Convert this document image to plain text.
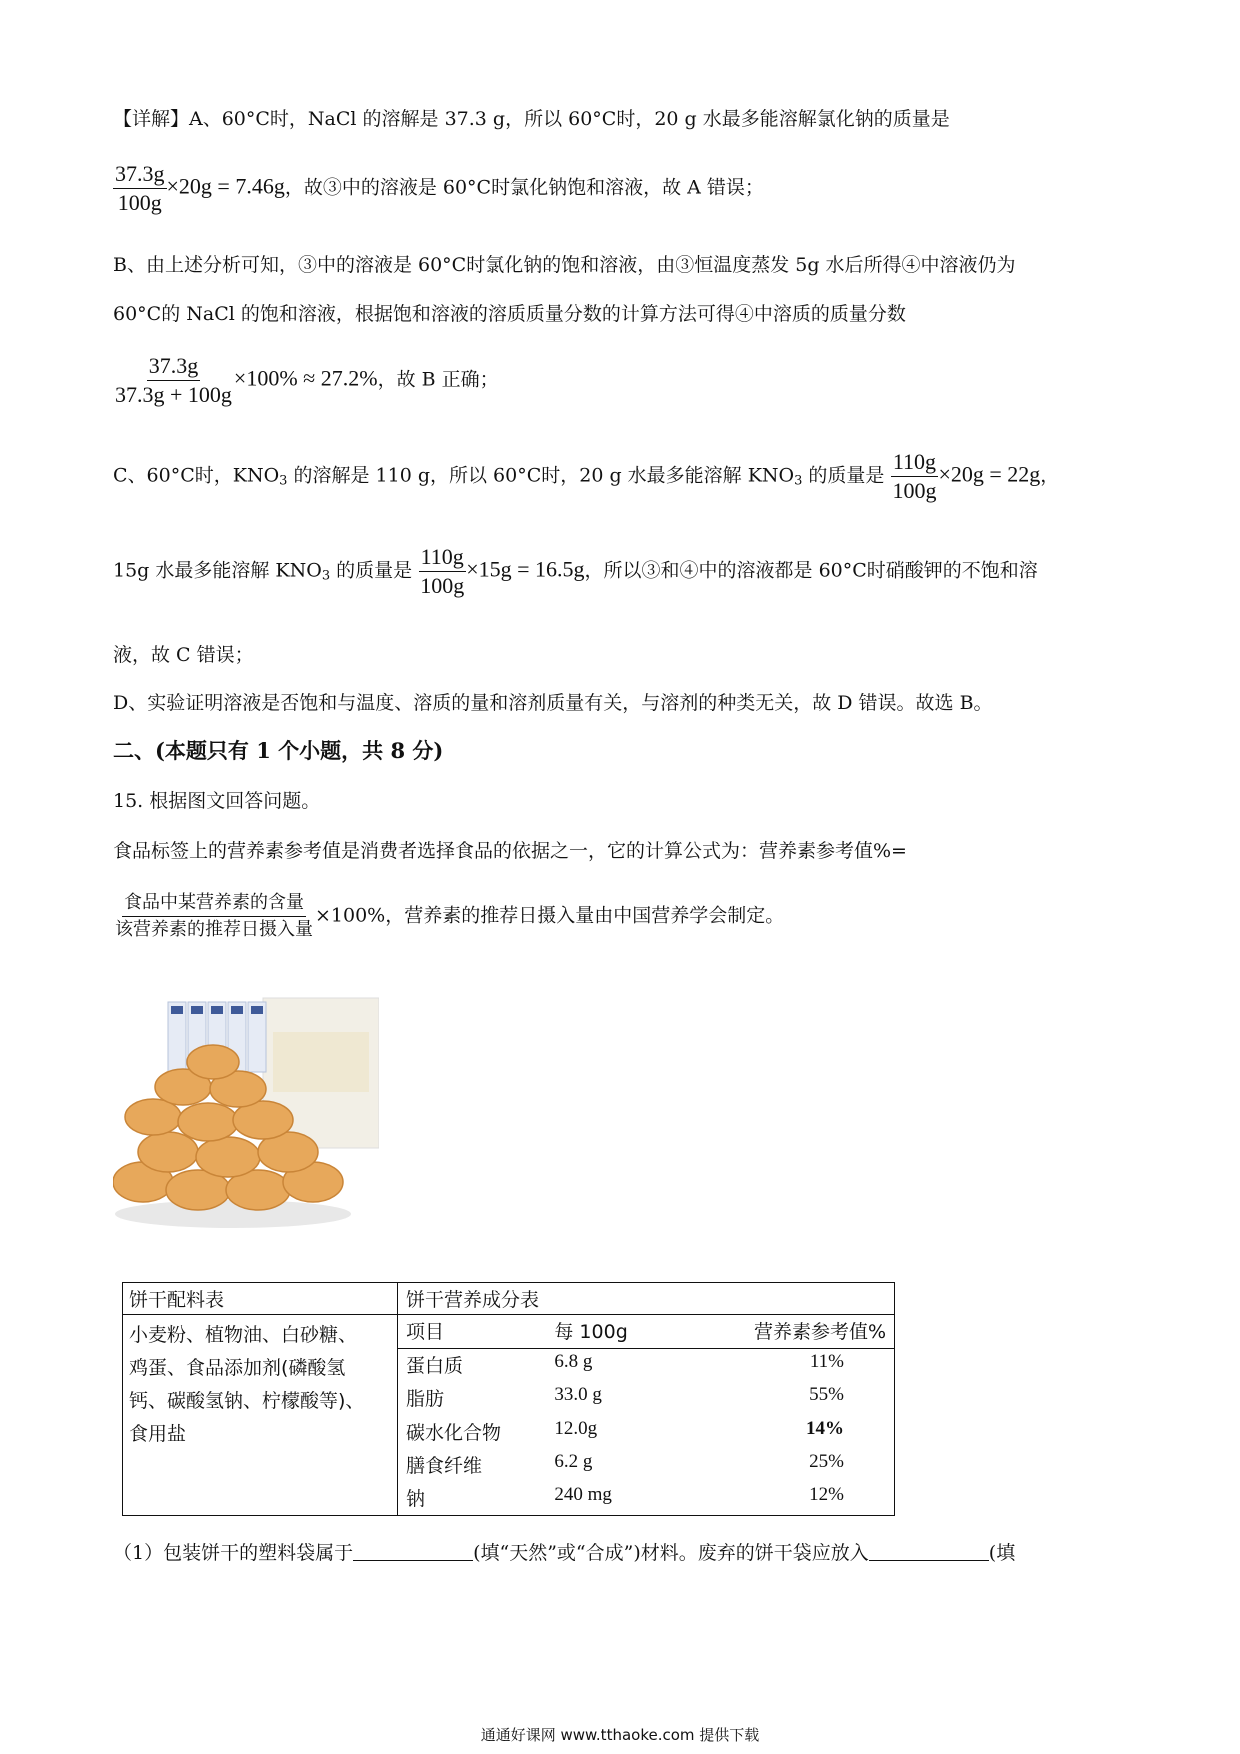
【详解】A、60°C时，NaCl 的溶解是 37.3 g，所以 60°C时，20 g 水最多能溶解氯化钠的质量是
$\frac{37.3g}{100g} \times 20g = 7.46g$，故③中的溶液是 60°C时氯化钠饱和溶液，故 A 错误；
B、由上述分析可知，③中的溶液是 60°C时氯化钠的饱和溶液，由③恒温度蒸发 5g 水后所得④中溶液仍为
60°C的 NaCl 的饱和溶液，根据饱和溶液的溶质质量分数的计算方法可得④中溶质的质量分数
$\frac{37.3g}{37.3g + 100g} \times 100\% \approx 27.2\%$，故 B 正确；
C、60°C时，$KNO_3$ 的溶解是 110 g，所以 60°C时，20 g 水最多能溶解 $KNO_3$ 的质量是 $\frac{110g}{100g} \times 20g = 22g$，
15g 水最多能溶解 $KNO_3$ 的质量是 $\frac{110g}{100g} \times 15g = 16.5g$，所以③和④中的溶液都是 60°C时硝酸钾的不饱和溶
液，故 C 错误；
D、实验证明溶液是否饱和与温度、溶质的量和溶剂质量有关，与溶剂的种类无关，故 D 错误。故选 B。
二、(本题只有 1 个小题，共 8 分)
15. 根据图文回答问题。
食品标签上的营养素参考值是消费者选择食品的依据之一，它的计算公式为：营养素参考值%=
$\frac{\text{食品中某营养素的含量}}{\text{该营养素的推荐日摄入量}} \times 100\%$，营养素的推荐日摄入量由中国营养学会制定。
饼干配料表	饼干营养成分表		

小麦粉、植物油、白砂糖、
鸡蛋、食品添加剂(磷酸氢
钙、碳酸氢钠、柠檬酸等)、
食用盐	项目	每 100g	营养素参考值%
	蛋白质	6.8 g	11%
	脂肪	33.0 g	55%
	碳水化合物	12.0g	14%
	膳食纤维	6.2 g	25%
	钠	240 mg	12%
（1）包装饼干的塑料袋属于	(填“天然”或“合成”)材料。废弃的饼干袋应放入	(填
通通好课网 www.tthaoke.com 提供下载
